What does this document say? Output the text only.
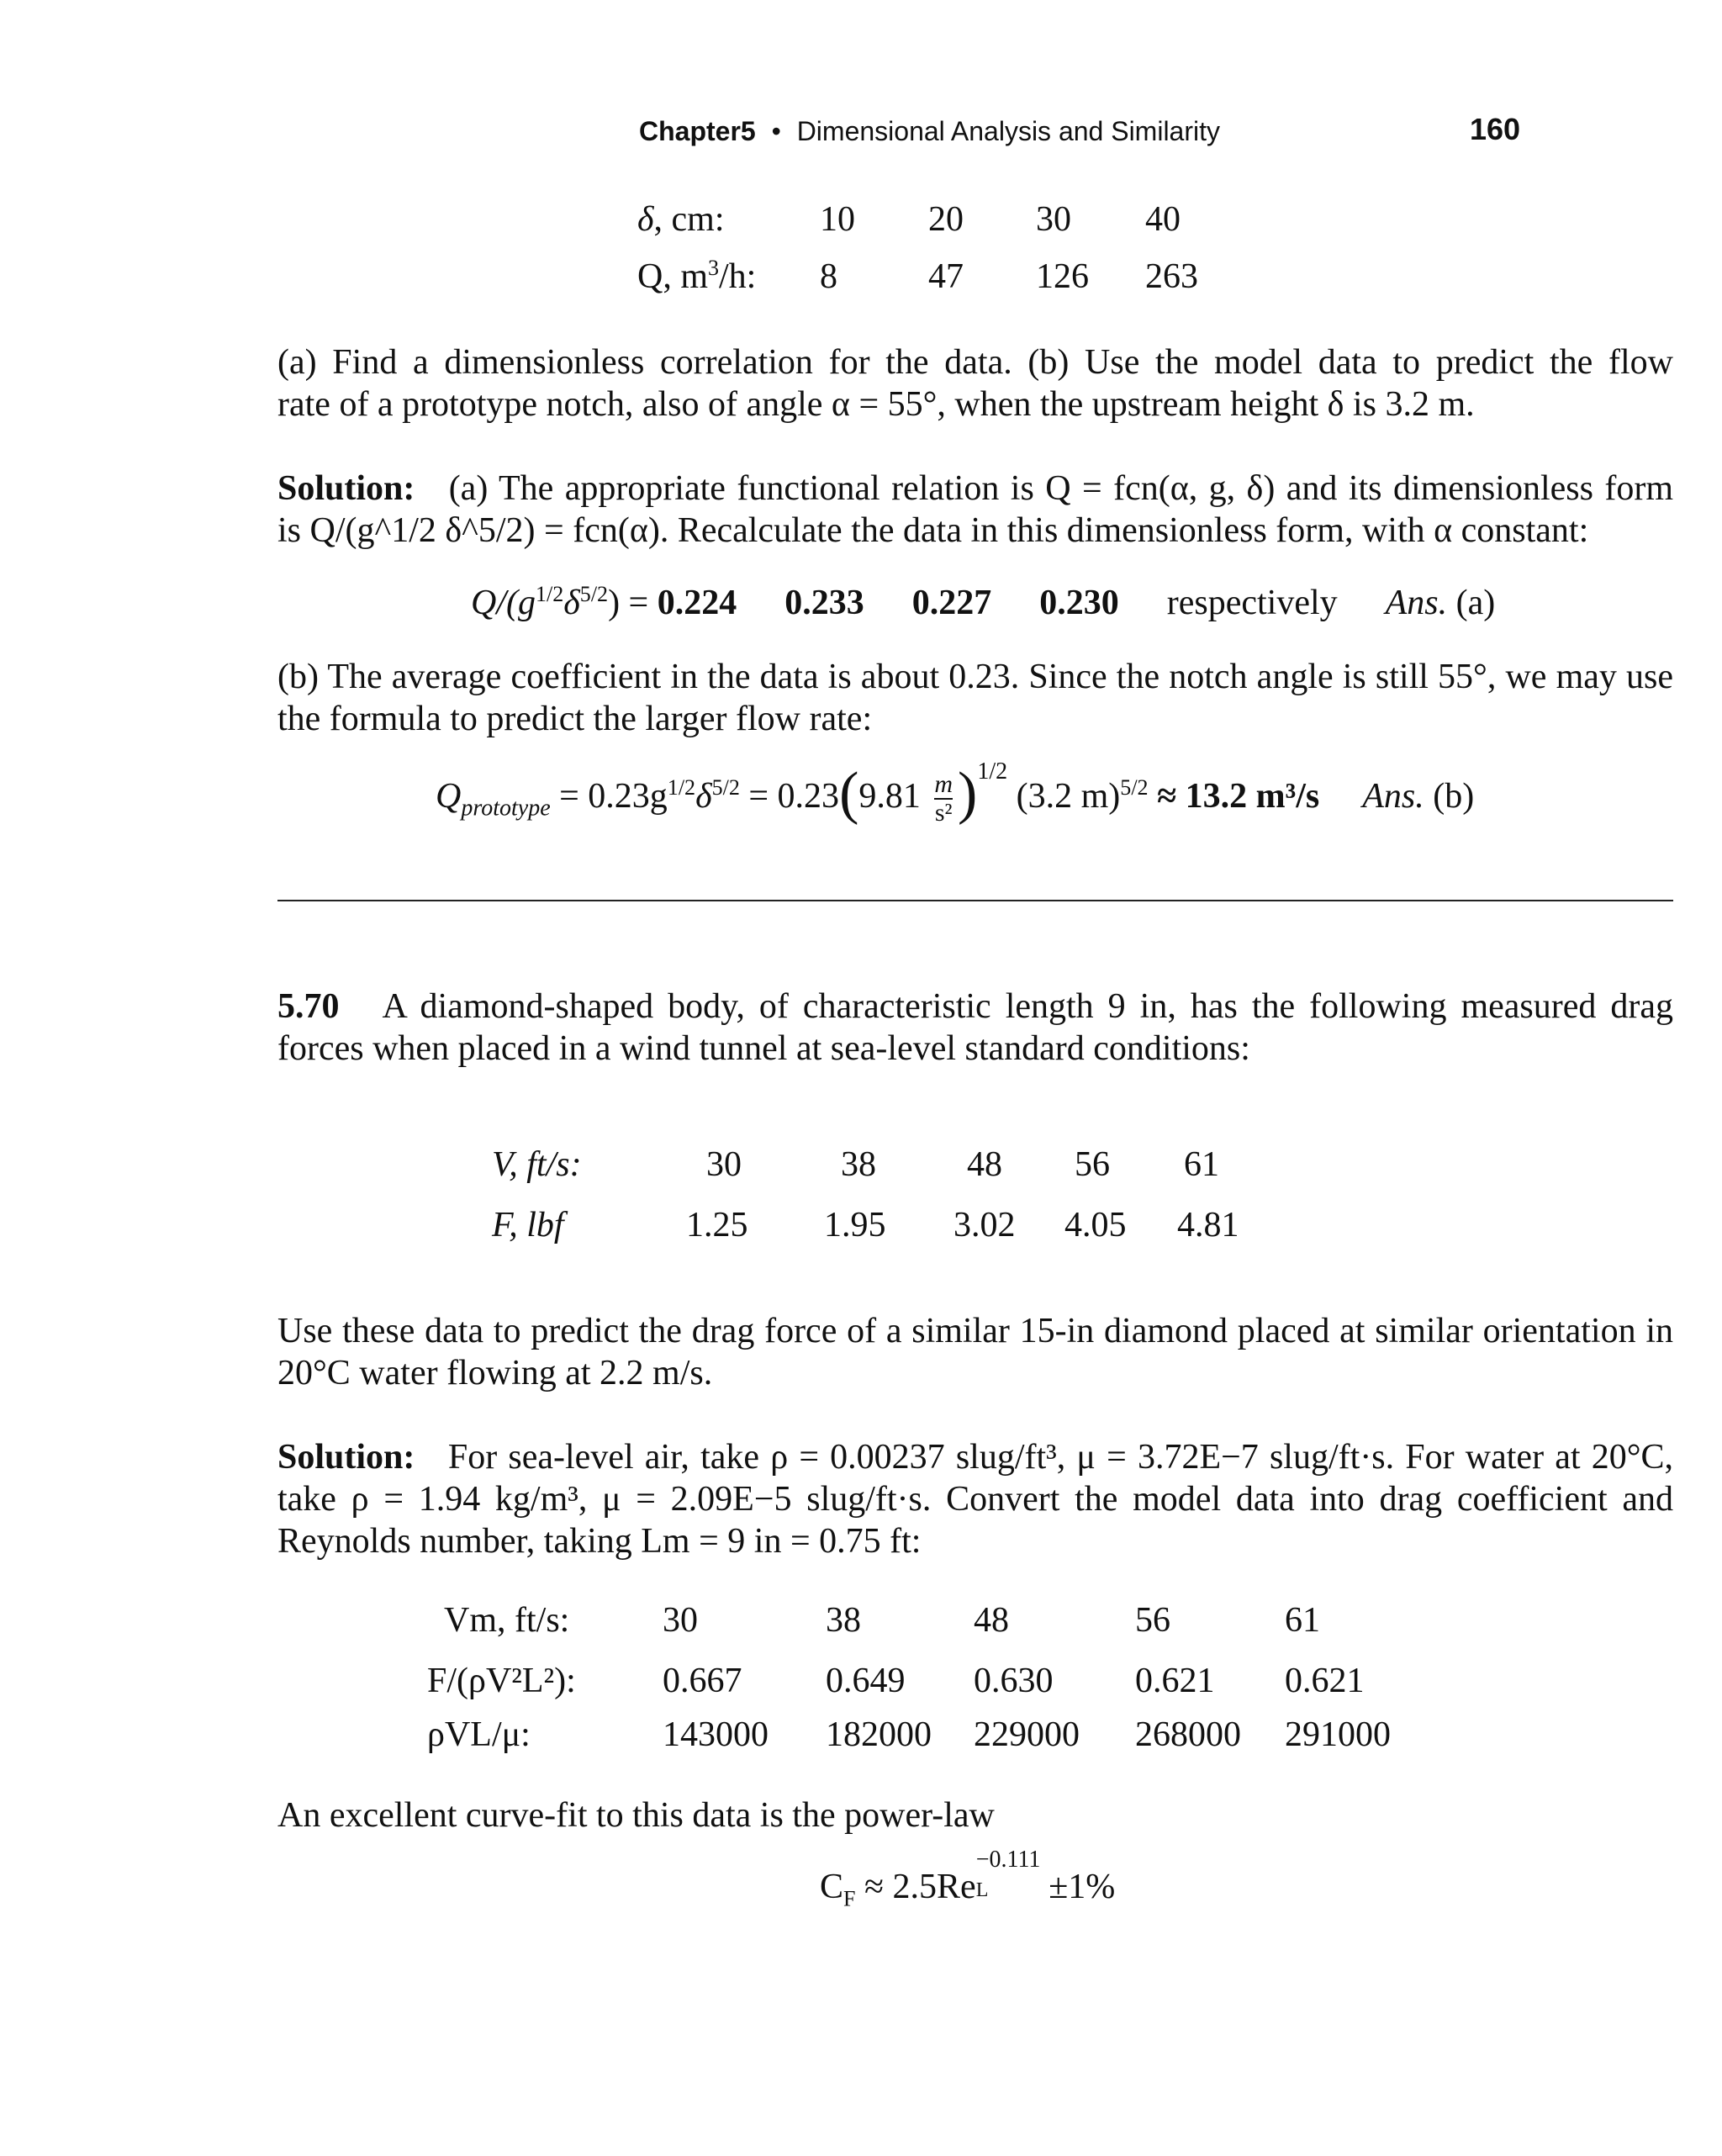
Chapter5 • Dimensional Analysis and Similarity	160
δ, cm:	10 20 30 40
Q, $m^3/h$: 8	47 126 263
(a) Find a dimensionless correlation for the data. (b) Use the model data to predict the flow
rate of a prototype notch, also of angle α = 55°, when the upstream height δ is 3.2 m.
Solution: (a) The appropriate functional relation is Q = fcn(α, g, δ) and its dimensionless form
is Q/(g^1/2 δ^5/2) = fcn(α). Recalculate the data in this dimensionless form, with α constant:
$Q/(g^{1/2}\delta^{5/2}) = 0.224$ 0.233 0.227 0.230 respectively Ans. (a)
(b) The average coefficient in the data is about 0.23. Since the notch angle is still 55°, we may use
the formula to predict the larger flow rate:
$Q_{prototype} = 0.23g^{1/2}\delta^{5/2} = 0.23(9.81 \frac{m}{\text{s²}} )^{1/2}$ (3.2 m)$^{5/2}$ ≈ 13.2 m³/s Ans. (b)
5.70 A diamond-shaped body, of characteristic length 9 in, has the following measured drag
forces when placed in a wind tunnel at sea-level standard conditions:
V, ft/s:	30	38	48 56 61
F, lbf	1.25 1.95 3.02 4.05 4.81
Use these data to predict the drag force of a similar 15-in diamond placed at similar orientation in
20°C water flowing at 2.2 m/s.
Solution: For sea-level air, take ρ = 0.00237 slug/ft³, μ = 3.72E−7 slug/ft·s. For water at 20°C,
take ρ = 1.94 kg/m³, μ = 2.09E−5 slug/ft·s. Convert the model data into drag coefficient and
Reynolds number, taking Lm = 9 in = 0.75 ft:
Vm, ft/s:	30	38	48	56	61
F/(ρV²L²): 0.667 0.649 0.630 0.621 0.621
ρVL/μ:	143000 182000 229000 268000 291000
An excellent curve-fit to this data is the power-law
$C_F \approx 2.5Re$
−0.111
L ±1%
